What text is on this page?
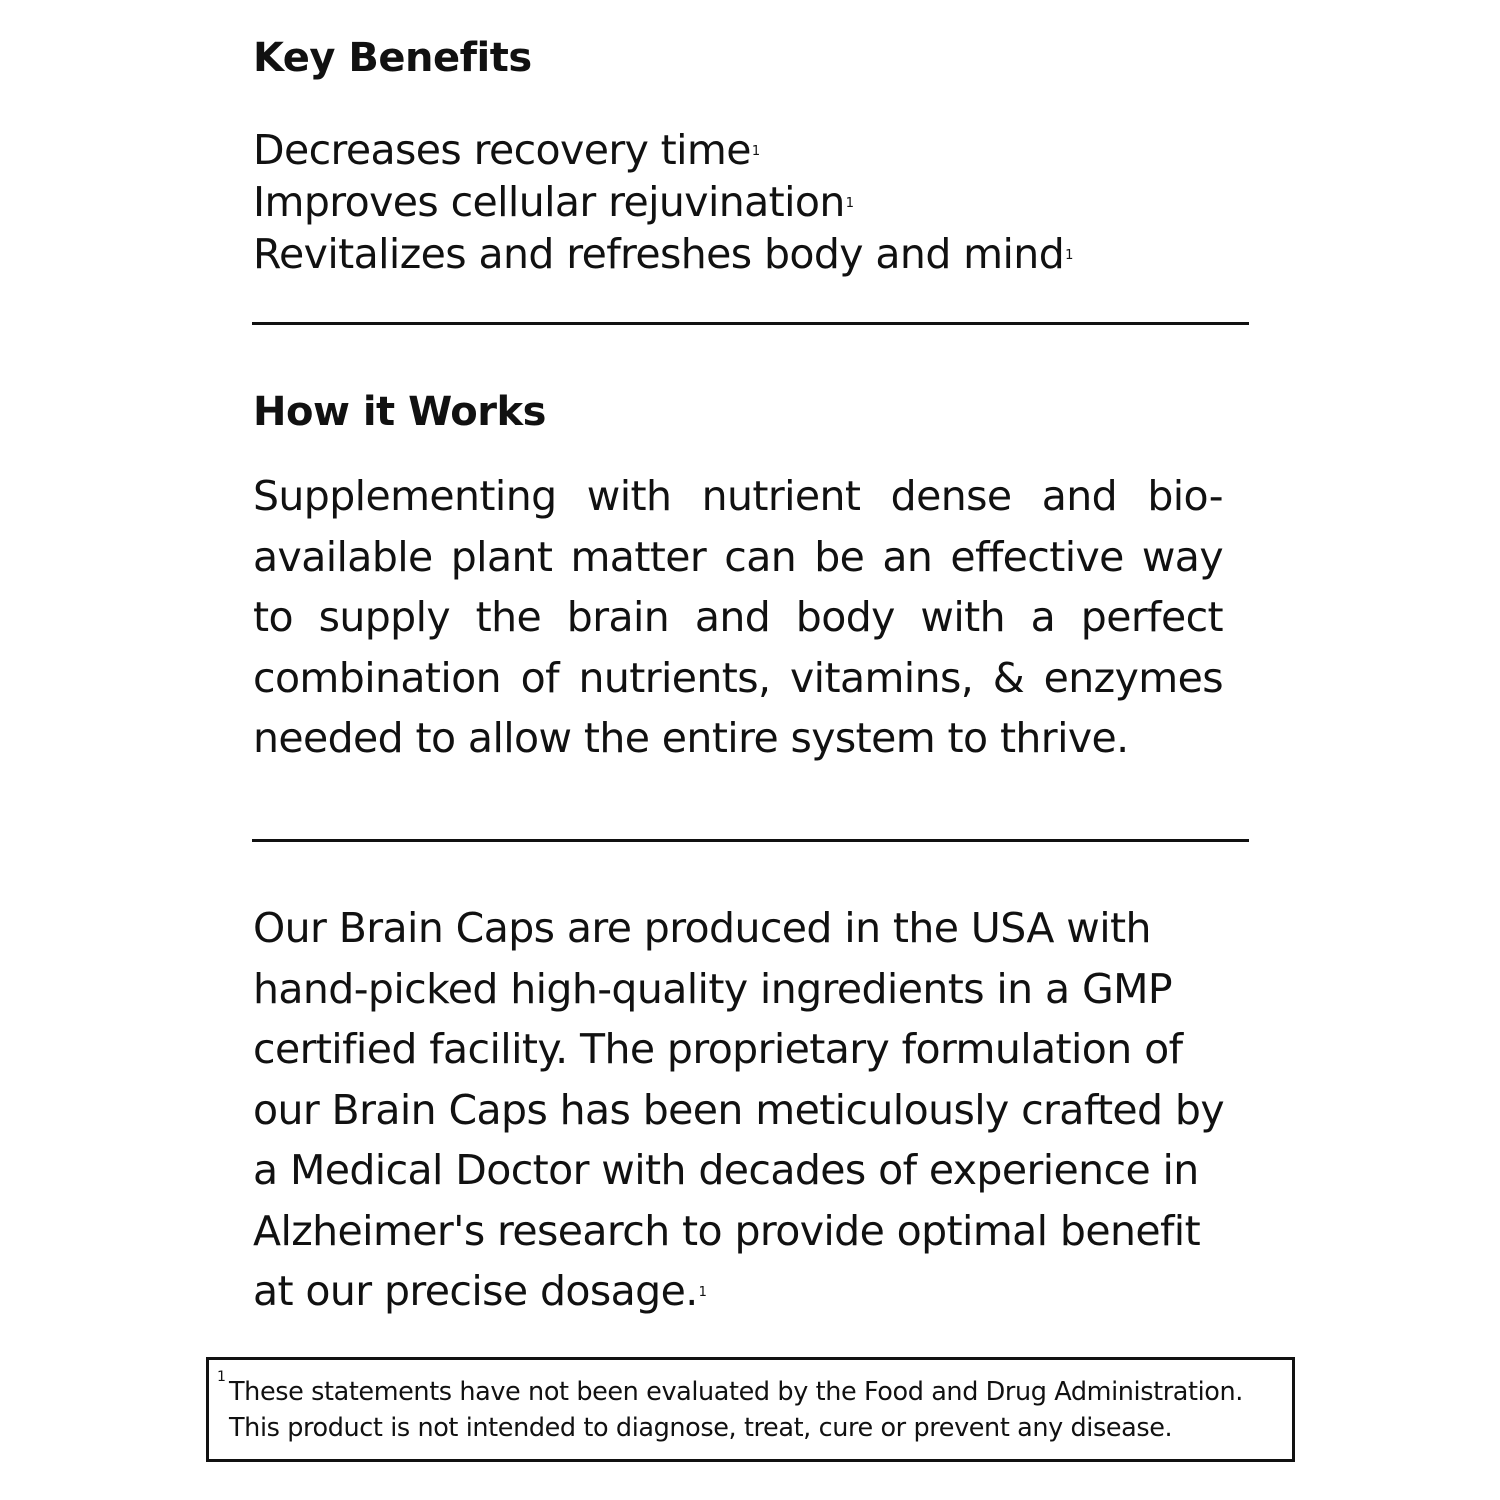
Key Benefits
Decreases recovery time$^1$
Improves cellular rejuvination$^1$
Revitalizes and refreshes body and mind$^1$
How it Works

Supplementing with nutrient dense and bio-available plant matter can be an effective way to supply the brain and body with a perfect combination of nutrients, vitamins, & enzymes needed to allow the entire system to thrive.

Our Brain Caps are produced in the USA with hand-picked high-quality ingredients in a GMP certified facility. The proprietary formulation of our Brain Caps has been meticulously crafted by a Medical Doctor with decades of experience in Alzheimer's research to provide optimal benefit at our precise dosage.$^1$

1 These statements have not been evaluated by the Food and Drug Administration.
This product is not intended to diagnose, treat, cure or prevent any disease.
